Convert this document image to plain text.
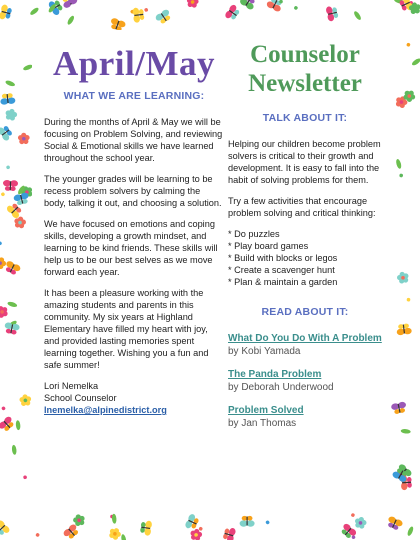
April/May
WHAT WE ARE LEARNING:

During the months of April & May we will be focusing on Problem Solving, and reviewing Social & Emotional skills we have learned throughout the school year.

The younger grades will be learning to be recess problem solvers by calming the body, talking it out, and choosing a solution.

We have focused on emotions and coping skills, developing a growth mindset, and learning to be kind friends. These skills will help us to be our best selves as we move forward each year.

It has been a pleasure working with the amazing students and parents in this community. My six years at Highland Elementary have filled my heart with joy, and provided lasting memories spent learning together. Wishing you a fun and safe summer!

Lori Nemelka
School Counselor
lnemelka@alpinedistrict.org
Counselor
Newsletter
TALK ABOUT IT:

Helping our children become problem solvers is critical to their growth and development. It is easy to fall into the habit of solving problems for them.

Try a few activities that encourage problem solving and critical thinking:

* Do puzzles
* Play board games
* Build with blocks or legos
* Create a scavenger hunt
* Plan & maintain a garden
READ ABOUT IT:
What Do You Do With A Problem by Kobi Yamada
The Panda Problem
by Deborah Underwood
Problem Solved
by Jan Thomas
